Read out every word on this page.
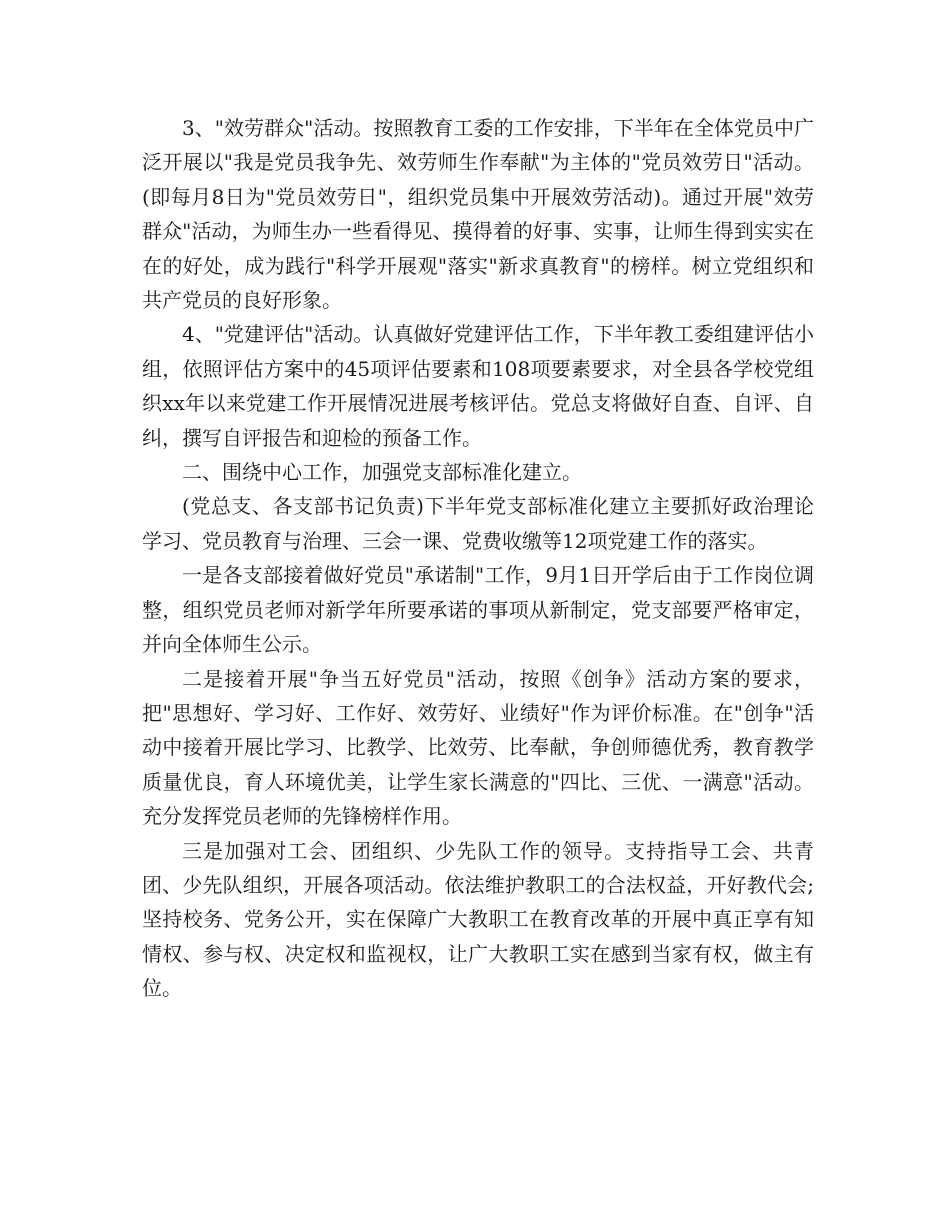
3、"效劳群众"活动。按照教育工委的工作安排，下半年在全体党员中广泛开展以"我是党员我争先、效劳师生作奉献"为主体的"党员效劳日"活动。(即每月8日为"党员效劳日"，组织党员集中开展效劳活动)。通过开展"效劳群众"活动，为师生办一些看得见、摸得着的好事、实事，让师生得到实实在在的好处，成为践行"科学开展观"落实"新求真教育"的榜样。树立党组织和共产党员的良好形象。

4、"党建评估"活动。认真做好党建评估工作，下半年教工委组建评估小组，依照评估方案中的45项评估要素和108项要素要求，对全县各学校党组织xx年以来党建工作开展情况进展考核评估。党总支将做好自查、自评、自纠，撰写自评报告和迎检的预备工作。

二、围绕中心工作，加强党支部标准化建立。

(党总支、各支部书记负责)下半年党支部标准化建立主要抓好政治理论学习、党员教育与治理、三会一课、党费收缴等12项党建工作的落实。

一是各支部接着做好党员"承诺制"工作，9月1日开学后由于工作岗位调整，组织党员老师对新学年所要承诺的事项从新制定，党支部要严格审定，并向全体师生公示。

二是接着开展"争当五好党员"活动，按照《创争》活动方案的要求，把"思想好、学习好、工作好、效劳好、业绩好"作为评价标准。在"创争"活动中接着开展比学习、比教学、比效劳、比奉献，争创师德优秀，教育教学质量优良，育人环境优美，让学生家长满意的"四比、三优、一满意"活动。充分发挥党员老师的先锋榜样作用。

三是加强对工会、团组织、少先队工作的领导。支持指导工会、共青团、少先队组织，开展各项活动。依法维护教职工的合法权益，开好教代会;坚持校务、党务公开，实在保障广大教职工在教育改革的开展中真正享有知情权、参与权、决定权和监视权，让广大教职工实在感到当家有权，做主有位。
